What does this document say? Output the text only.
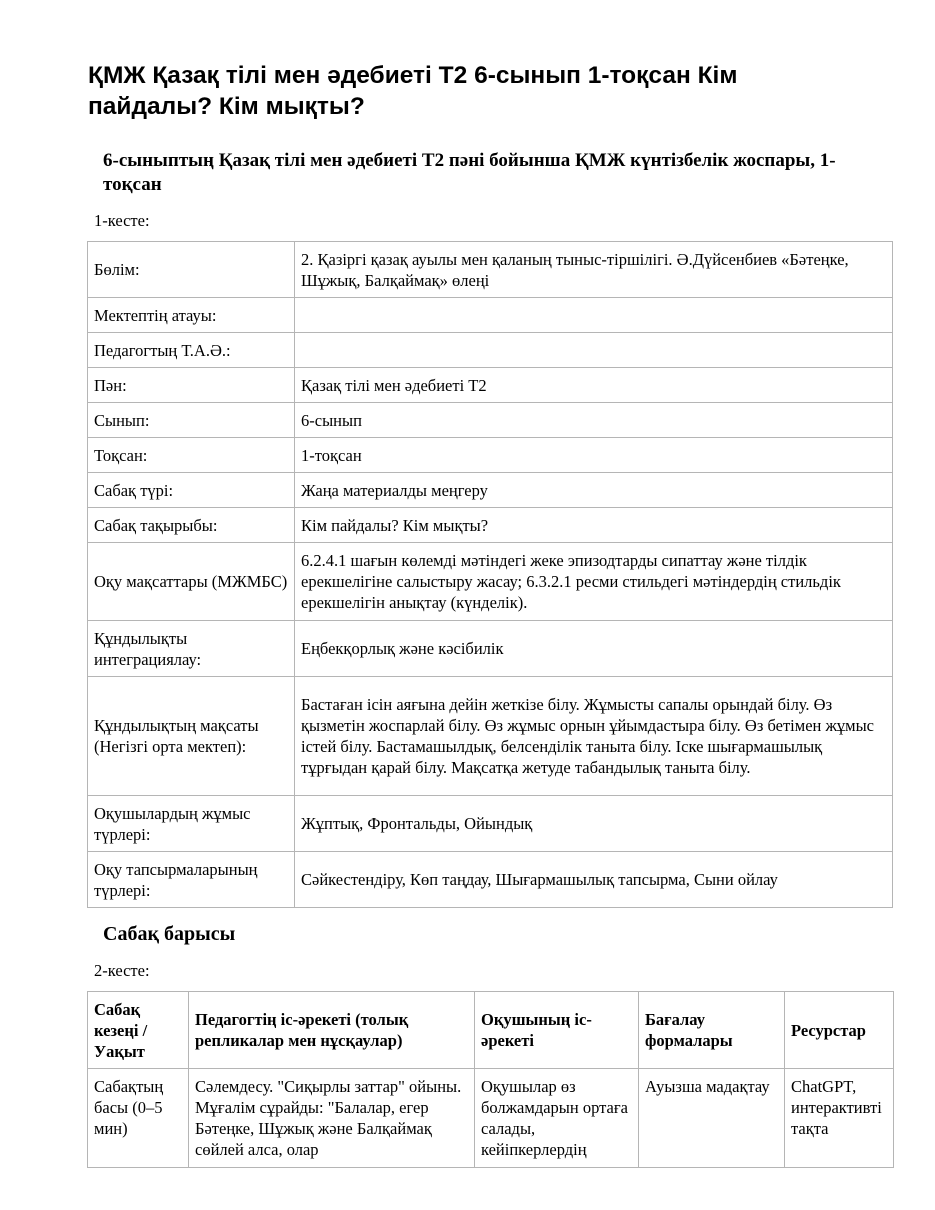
ҚМЖ Қазақ тілі мен әдебиеті Т2 6-сынып 1-тоқсан Кім пайдалы? Кім мықты?
6-сыныптың Қазақ тілі мен әдебиеті Т2 пәні бойынша ҚМЖ күнтізбелік жоспары, 1-тоқсан

1-кесте:

Бөлім:	2. Қазіргі қазақ ауылы мен қаланың тыныс-тіршілігі. Ә.Дүйсенбиев «Бәтеңке, Шұжық, Балқаймақ» өлеңі
Мектептің атауы:	
Педагогтың Т.А.Ә.:	
Пән:	Қазақ тілі мен әдебиеті Т2
Сынып:	6-сынып
Тоқсан:	1-тоқсан
Сабақ түрі:	Жаңа материалды меңгеру
Сабақ тақырыбы:	Кім пайдалы? Кім мықты?
Оқу мақсаттары (МЖМБС)	6.2.4.1 шағын көлемді мәтіндегі жеке эпизодтарды сипаттау және тілдік ерекшелігіне салыстыру жасау; 6.3.2.1 ресми стильдегі мәтіндердің стильдік ерекшелігін анықтау (күнделік).
Құндылықты интеграциялау:	Еңбекқорлық және кәсібилік
Құндылықтың мақсаты (Негізгі орта мектеп):	Бастаған ісін аяғына дейін жеткізе білу. Жұмысты сапалы орындай білу. Өз қызметін жоспарлай білу. Өз жұмыс орнын ұйымдастыра білу. Өз бетімен жұмыс істей білу. Бастамашылдық, белсенділік таныта білу. Іске шығармашылық тұрғыдан қарай білу. Мақсатқа жетуде табандылық таныта білу.
Оқушылардың жұмыс түрлері:	Жұптық, Фронтальды, Ойындық
Оқу тапсырмаларының түрлері:	Сәйкестендіру, Көп таңдау, Шығармашылық тапсырма, Сыни ойлау
Сабақ барысы

2-кесте:

Сабақ кезеңі / Уақыт	Педагогтің іс-әрекеті (толық репликалар мен нұсқаулар)	Оқушының іс-әрекеті	Бағалау формалары	Ресурстар

Сабақтың басы (0–5 мин)	Сәлемдесу. "Сиқырлы заттар" ойыны. Мұғалім сұрайды: "Балалар, егер Бәтеңке, Шұжық және Балқаймақ сөйлей алса, олар	Оқушылар өз болжамдарын ортаға салады, кейіпкерлердің	Ауызша мадақтау	ChatGPT, интерактивті тақта
